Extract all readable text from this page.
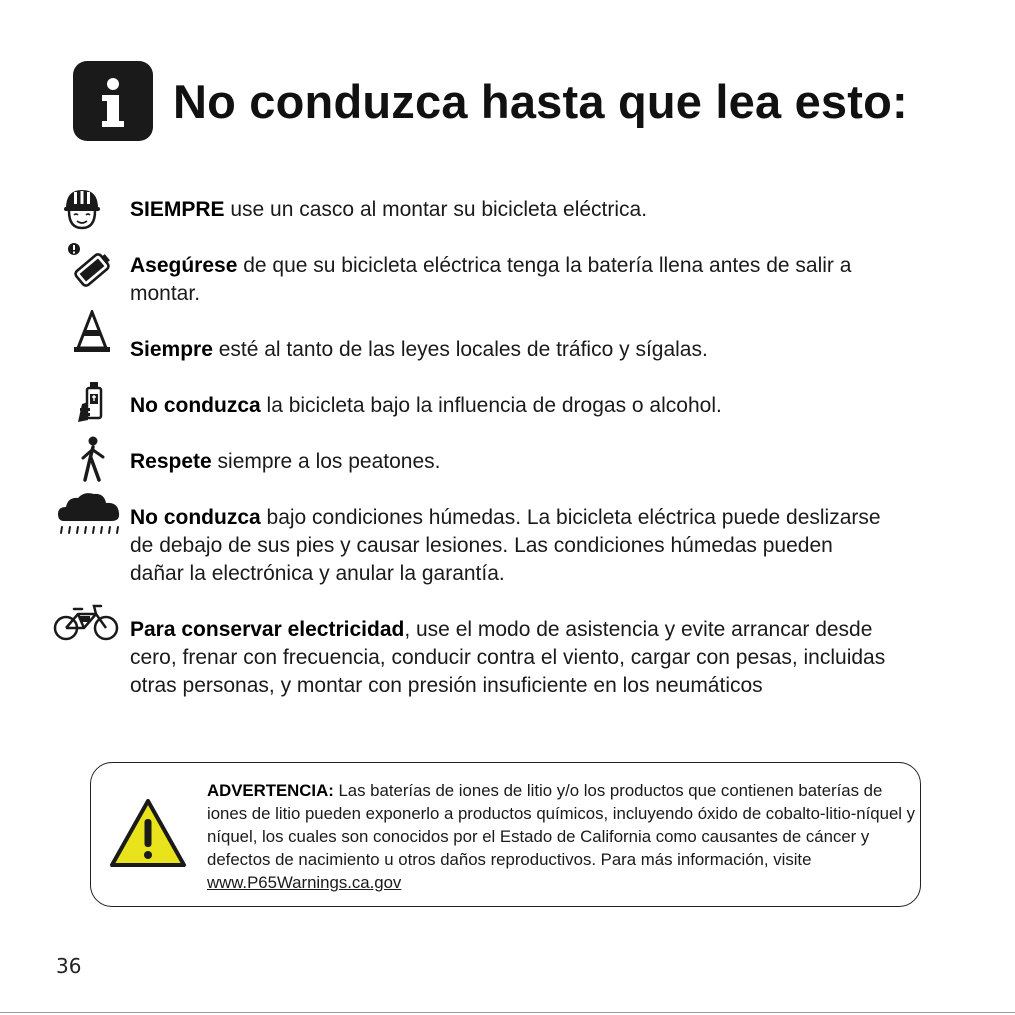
No conduzca hasta que lea esto:
SIEMPRE use un casco al montar su bicicleta eléctrica.
Asegúrese de que su bicicleta eléctrica tenga la batería llena antes de salir a montar.
Siempre esté al tanto de las leyes locales de tráfico y sígalas.
No conduzca la bicicleta bajo la influencia de drogas o alcohol.
Respete siempre a los peatones.
No conduzca bajo condiciones húmedas. La bicicleta eléctrica puede deslizarse de debajo de sus pies y causar lesiones. Las condiciones húmedas pueden dañar la electrónica y anular la garantía.
Para conservar electricidad, use el modo de asistencia y evite arrancar desde cero, frenar con frecuencia, conducir contra el viento, cargar con pesas, incluidas otras personas, y montar con presión insuficiente en los neumáticos
ADVERTENCIA: Las baterías de iones de litio y/o los productos que contienen baterías de iones de litio pueden exponerlo a productos químicos, incluyendo óxido de cobalto-litio-níquel y níquel, los cuales son conocidos por el Estado de California como causantes de cáncer y defectos de nacimiento u otros daños reproductivos. Para más información, visite www.P65Warnings.ca.gov
36
